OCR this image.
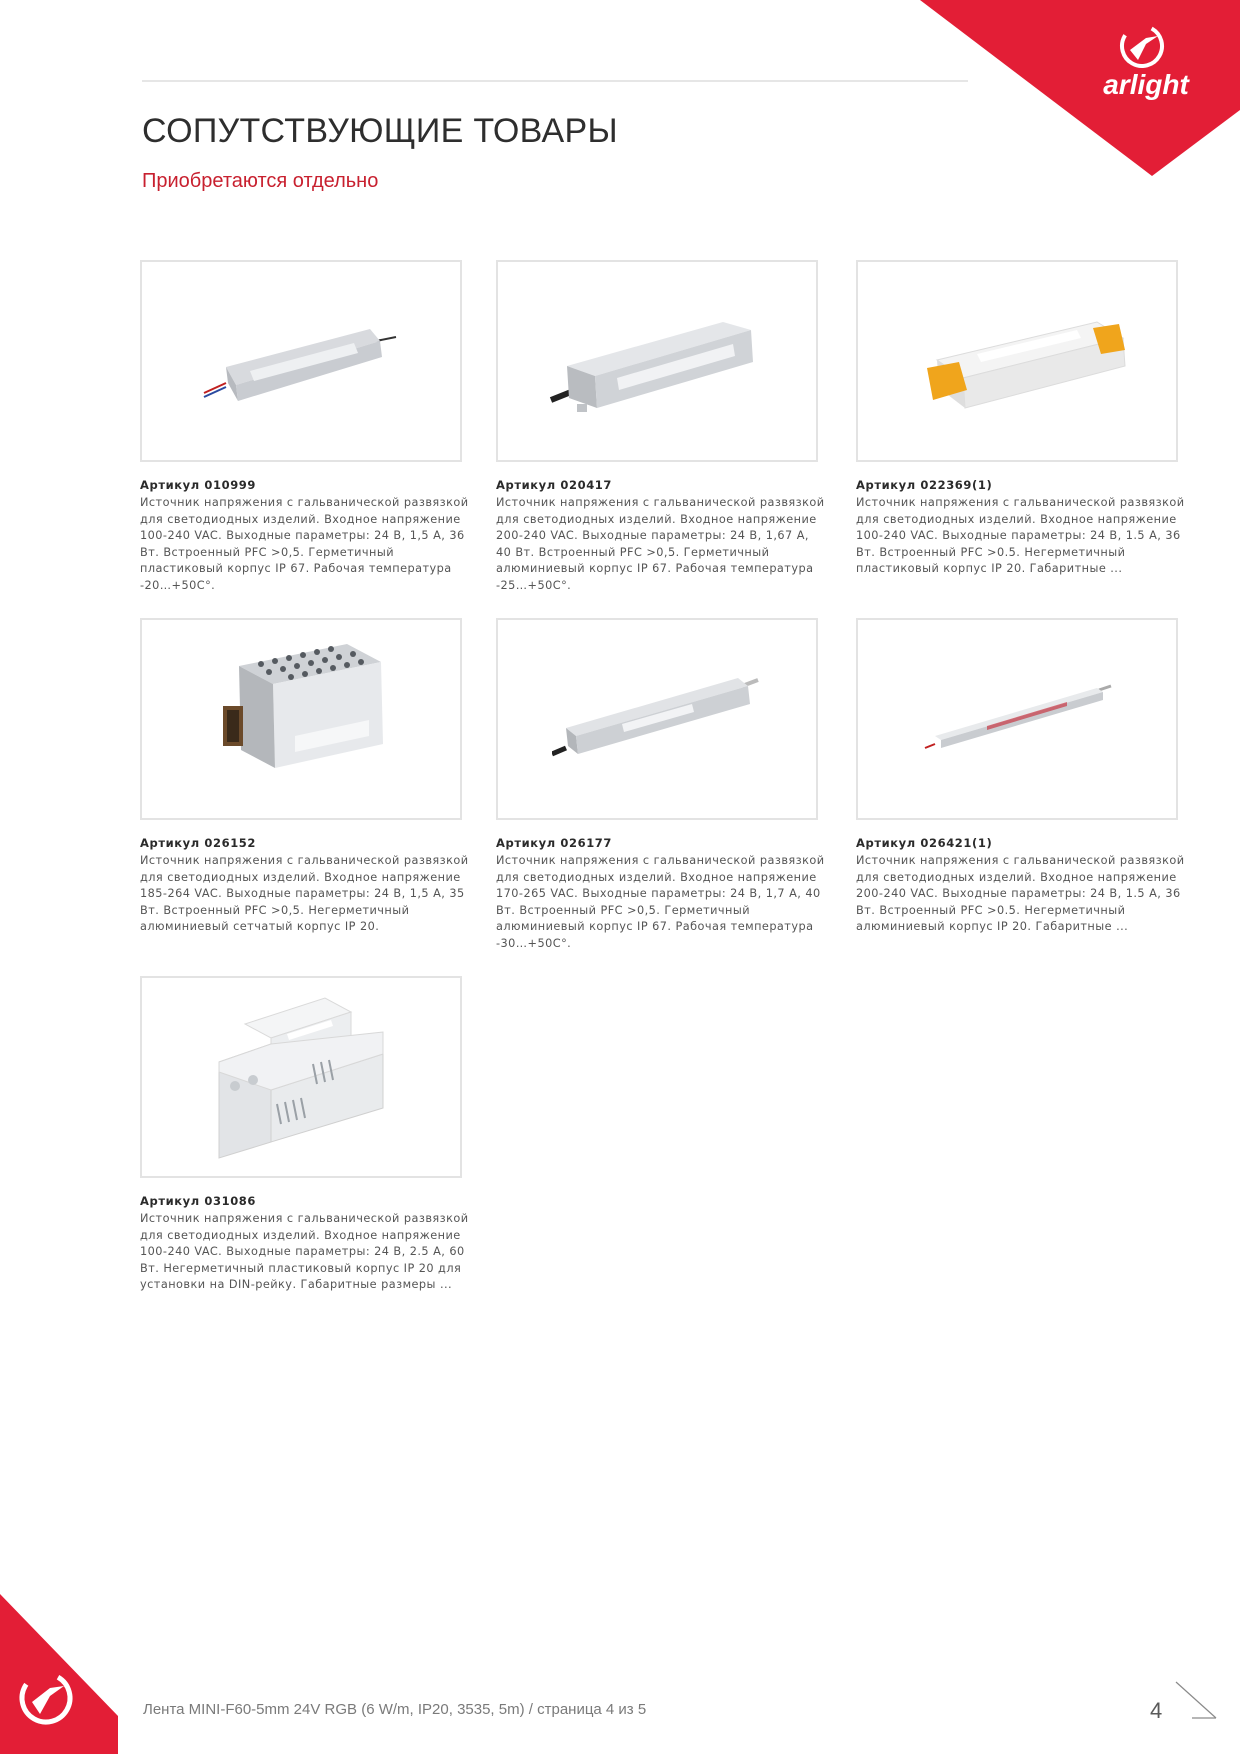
arlight
СОПУТСТВУЮЩИЕ ТОВАРЫ
Приобретаются отдельно
Артикул 010999
Источник напряжения с гальванической развязкой для светодиодных изделий. Входное напряжение 100-240 VAC. Выходные параметры: 24 В, 1,5 А, 36 Вт. Встроенный PFC >0,5. Герметичный пластиковый корпус IP 67. Рабочая температура -20…+50С°.
Артикул 020417
Источник напряжения с гальванической развязкой для светодиодных изделий. Входное напряжение 200-240 VAC. Выходные параметры: 24 В, 1,67 А, 40 Вт. Встроенный PFC >0,5. Герметичный алюминиевый корпус IP 67. Рабочая температура -25…+50С°.
Артикул 022369(1)
Источник напряжения с гальванической развязкой для светодиодных изделий. Входное напряжение 100-240 VAC. Выходные параметры: 24 В, 1.5 А, 36 Вт. Встроенный PFC >0.5. Негерметичный пластиковый корпус IP 20. Габаритные ...
Артикул 026152
Источник напряжения с гальванической развязкой для светодиодных изделий. Входное напряжение 185-264 VAC. Выходные параметры: 24 В, 1,5 А, 35 Вт. Встроенный PFC >0,5. Негерметичный алюминиевый сетчатый корпус IP 20.
Артикул 026177
Источник напряжения с гальванической развязкой для светодиодных изделий. Входное напряжение 170-265 VAC. Выходные параметры: 24 В, 1,7 А, 40 Вт. Встроенный PFC >0,5. Герметичный алюминиевый корпус IP 67. Рабочая температура -30…+50С°.
Артикул 026421(1)
Источник напряжения с гальванической развязкой для светодиодных изделий. Входное напряжение 200-240 VAC. Выходные параметры: 24 В, 1.5 А, 36 Вт. Встроенный PFC >0.5. Негерметичный алюминиевый корпус IP 20. Габаритные ...
Артикул 031086
Источник напряжения с гальванической развязкой для светодиодных изделий. Входное напряжение 100-240 VAC. Выходные параметры: 24 В, 2.5 А, 60 Вт. Негерметичный пластиковый корпус IP 20 для установки на DIN-рейку. Габаритные размеры ...
Лента MINI-F60-5mm 24V RGB (6 W/m, IP20, 3535, 5m) / страница 4 из 5	4
